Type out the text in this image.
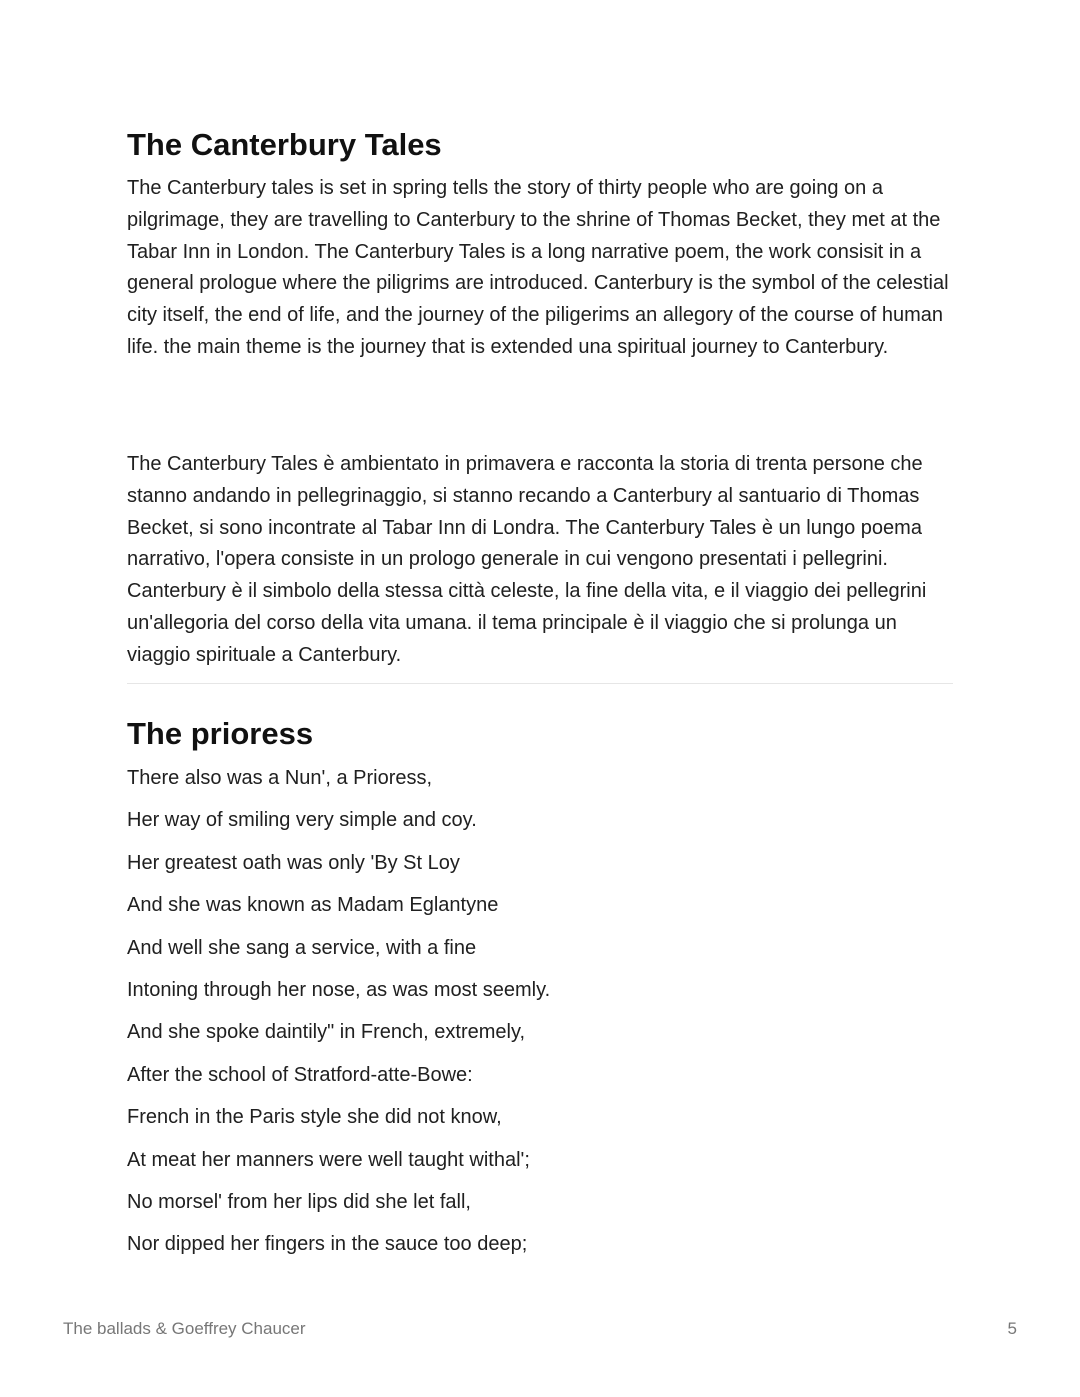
The Canterbury Tales

The Canterbury tales is set in spring tells the story of thirty people who are going on a pilgrimage, they are travelling to Canterbury to the shrine of Thomas Becket, they met at the Tabar Inn in London. The Canterbury Tales is a long narrative poem, the work consisit in a general prologue where the piligrims are introduced. Canterbury is the symbol of the celestial city itself, the end of life, and the journey of the piligerims an allegory of the course of human life. the main theme is the journey that is extended una spiritual journey to Canterbury.

The Canterbury Tales è ambientato in primavera e racconta la storia di trenta persone che stanno andando in pellegrinaggio, si stanno recando a Canterbury al santuario di Thomas Becket, si sono incontrate al Tabar Inn di Londra. The Canterbury Tales è un lungo poema narrativo, l'opera consiste in un prologo generale in cui vengono presentati i pellegrini. Canterbury è il simbolo della stessa città celeste, la fine della vita, e il viaggio dei pellegrini un'allegoria del corso della vita umana. il tema principale è il viaggio che si prolunga un viaggio spirituale a Canterbury.

The prioress
There also was a Nun', a Prioress,
Her way of smiling very simple and coy.
Her greatest oath was only 'By St Loy
And she was known as Madam Eglantyne
And well she sang a service, with a fine
Intoning through her nose, as was most seemly.
And she spoke daintily" in French, extremely,
After the school of Stratford-atte-Bowe:
French in the Paris style she did not know,
At meat her manners were well taught withal';
No morsel' from her lips did she let fall,
Nor dipped her fingers in the sauce too deep;
The ballads & Goeffrey Chaucer	5
